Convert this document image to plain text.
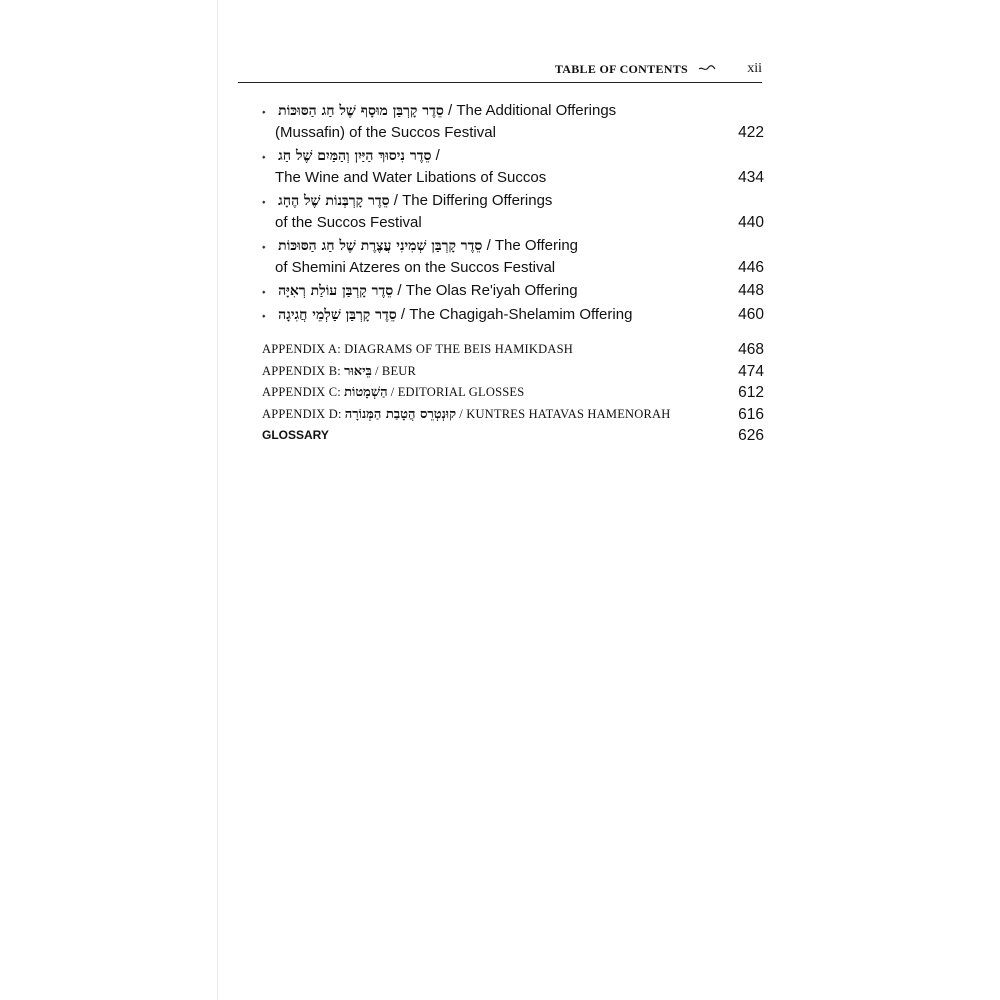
TABLE OF CONTENTS	xii
⬩ סֵדֶר קָרְבַּן מוּסָף שֶׁל חַג הַסּוּכּוֹת / The Additional Offerings
(Mussafin) of the Succos Festival	422
⬩ סֵדֶר נִיסוּךְ הַיַּיִן וְהַמַּיִם שֶׁל חַג /
The Wine and Water Libations of Succos	434
⬩ סֵדֶר קָרְבְּנוֹת שֶׁל הֶחָג / The Differing Offerings
of the Succos Festival	440
⬩ סֵדֶר קָרְבַּן שְׁמִינִי עֲצֶרֶת שֶׁל חַג הַסּוּכּוֹת / The Offering
of Shemini Atzeres on the Succos Festival	446
⬩ סֵדֶר קָרְבַּן עוֹלַת רְאִיָּה / The Olas Re'iyah Offering	448
⬩ סֵדֶר קָרְבַּן שַׁלְמֵי חֲגִיגָה / The Chagigah-Shelamim Offering	460
APPENDIX A: DIAGRAMS OF THE BEIS HAMIKDASH	468
APPENDIX B: בֵּיאוּר / BEUR	474
APPENDIX C: הַשְׁמָטוֹת / EDITORIAL GLOSSES	612
APPENDIX D: קוּנְטְרֵס הֲטָבַת הַמְּנוֹרָה / KUNTRES HATAVAS HAMENORAH	616
GLOSSARY	626
